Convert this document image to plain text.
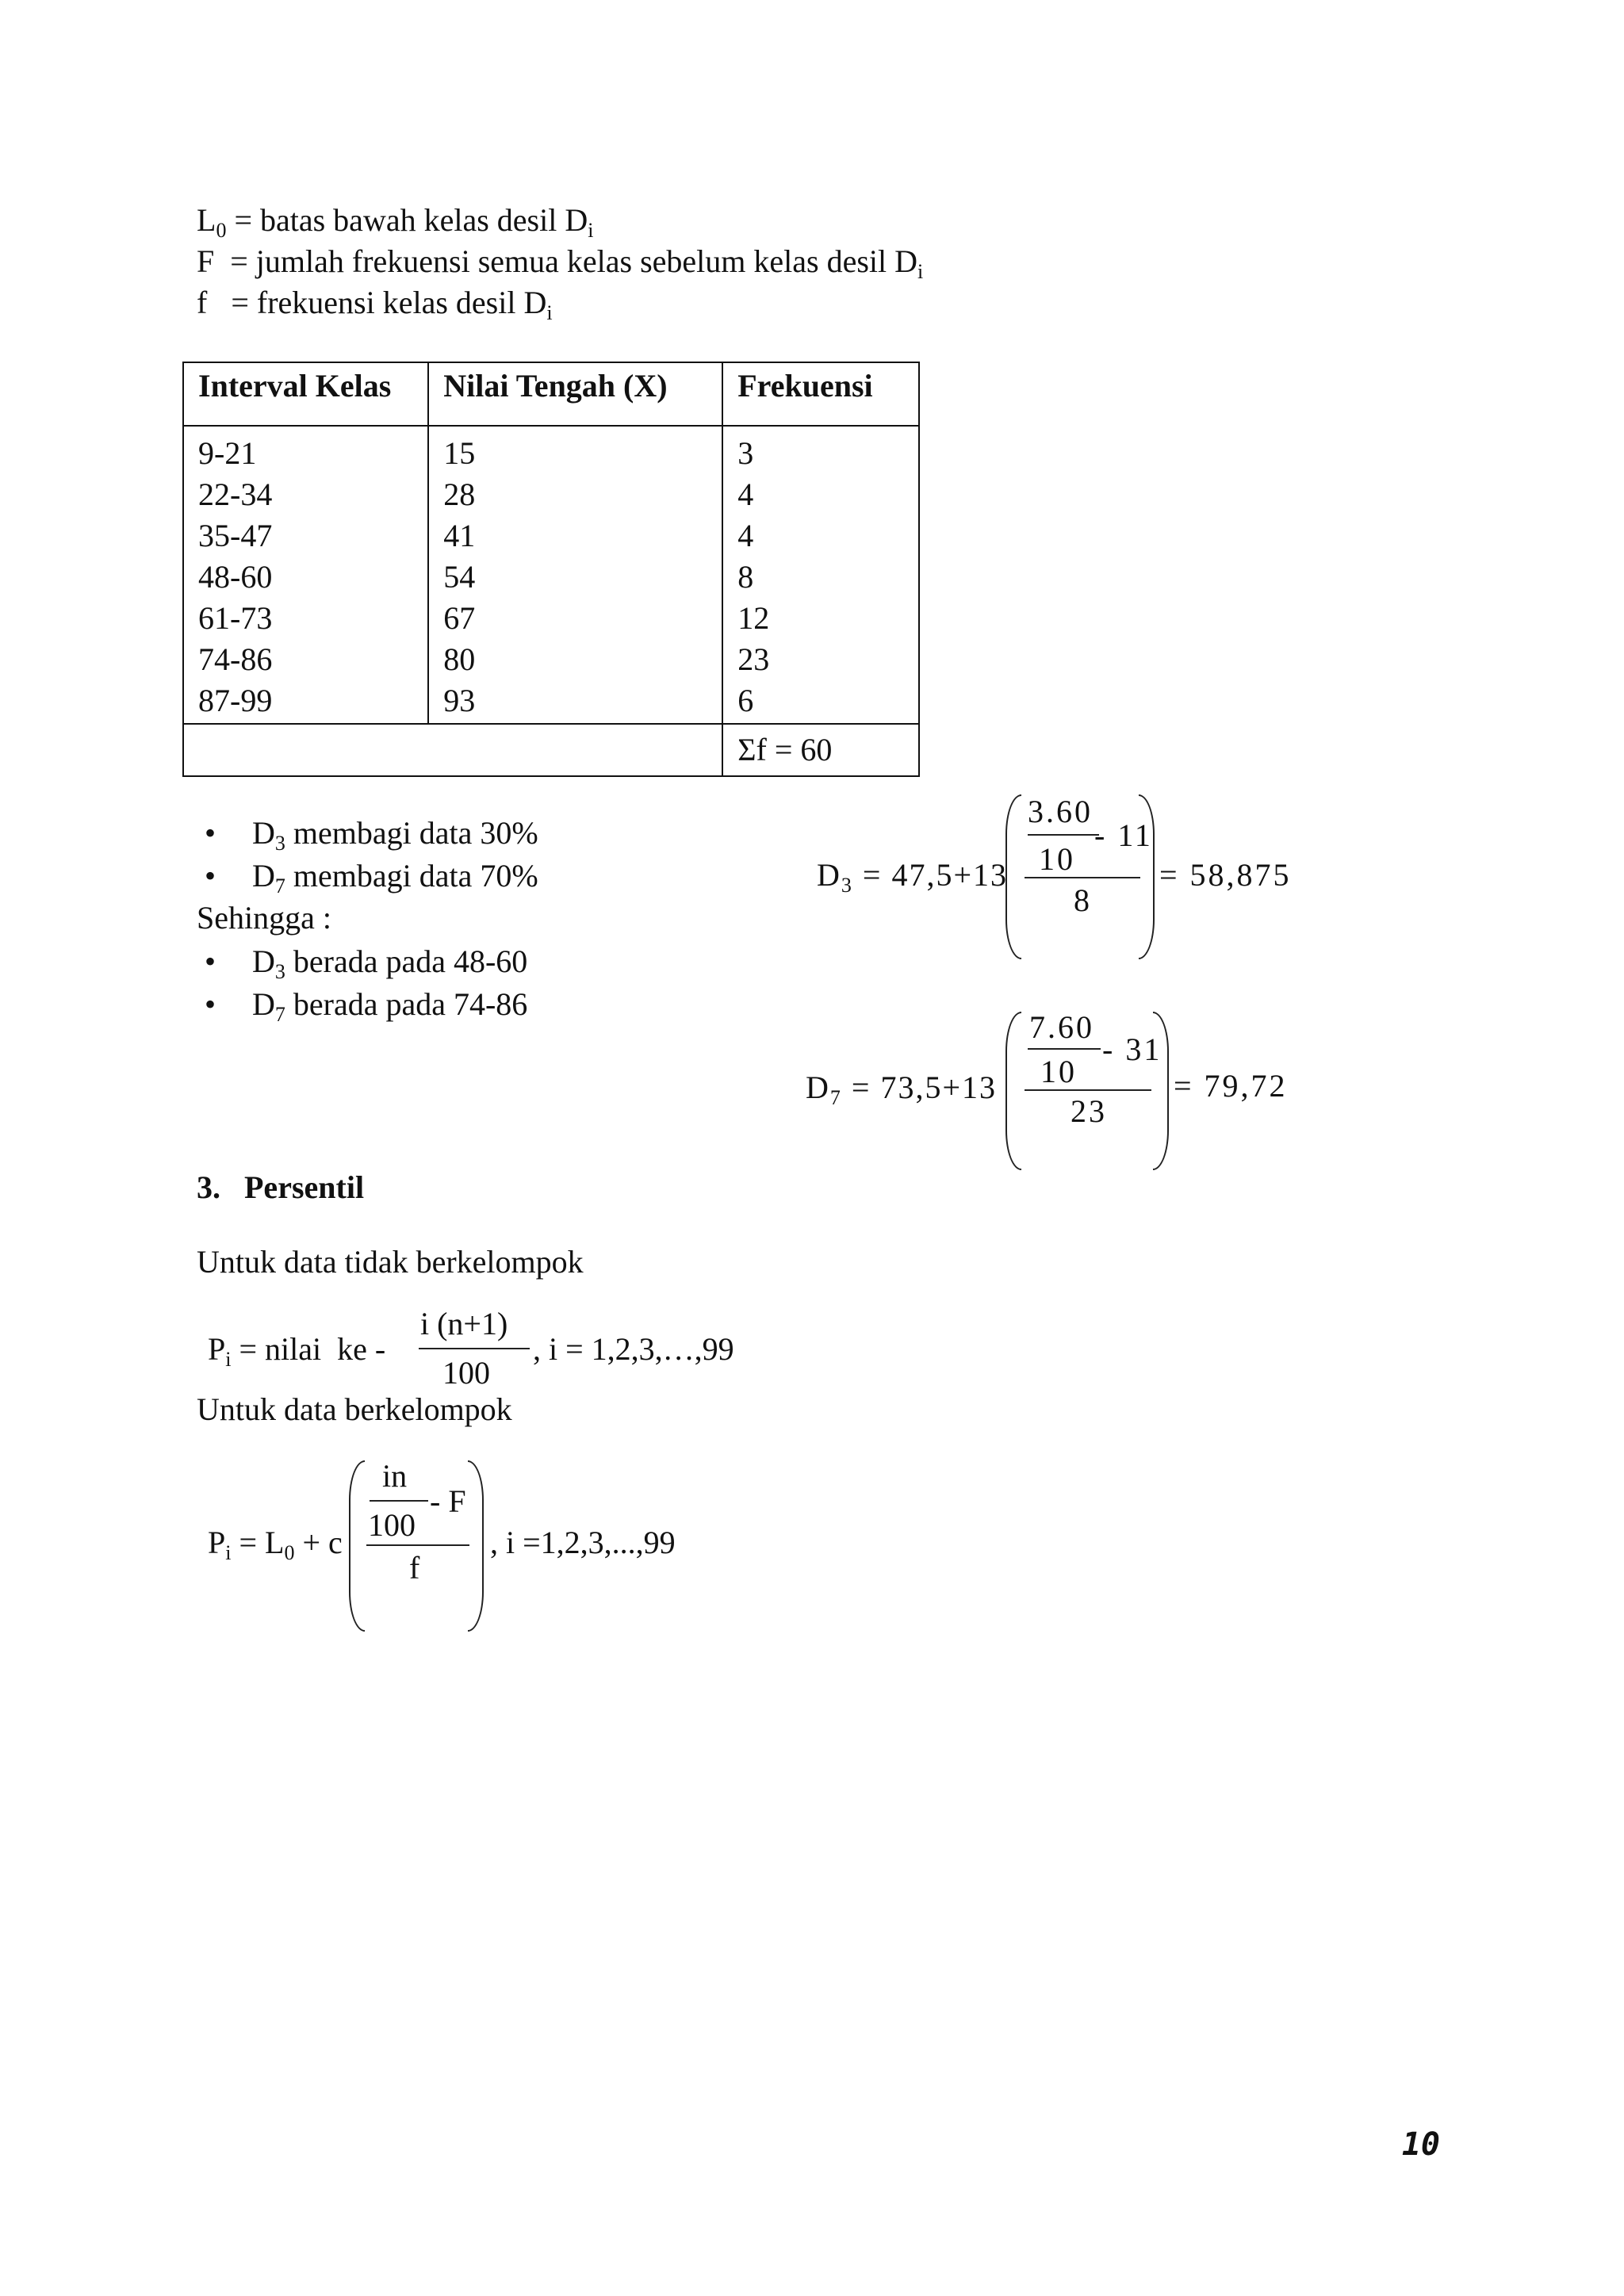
$L_0$ = batas bawah kelas desil $D_i$
F  = jumlah frekuensi semua kelas sebelum kelas desil $D_i$
f   = frekuensi kelas desil $D_i$
Interval Kelas	Nilai Tengah (X)	Frekuensi
9-21	15	3
22-34	28	4
35-47	41	4
48-60	54	8
61-73	67	12
74-86	80	23
87-99	93	6
		Σf = 60
• $D_3$ membagi data 30%
• $D_7$ membagi data 70%
Sehingga :
• $D_3$ berada pada 48-60
• $D_7$ berada pada 74-86
$D_3 = 47,5+13$
3.60
- 11
10
8
= 58,875
$D_7 = 73,5+13$
7.60
- 31
10
23
= 79,72
3.   Persentil
Untuk data tidak berkelompok
$P_i$ = nilai  ke -
i (n+1)
100
, i = 1,2,3,…,99
Untuk data berkelompok
$P_i = L_0 + c$
in
- F
100
f
, i =1,2,3,...,99
10
